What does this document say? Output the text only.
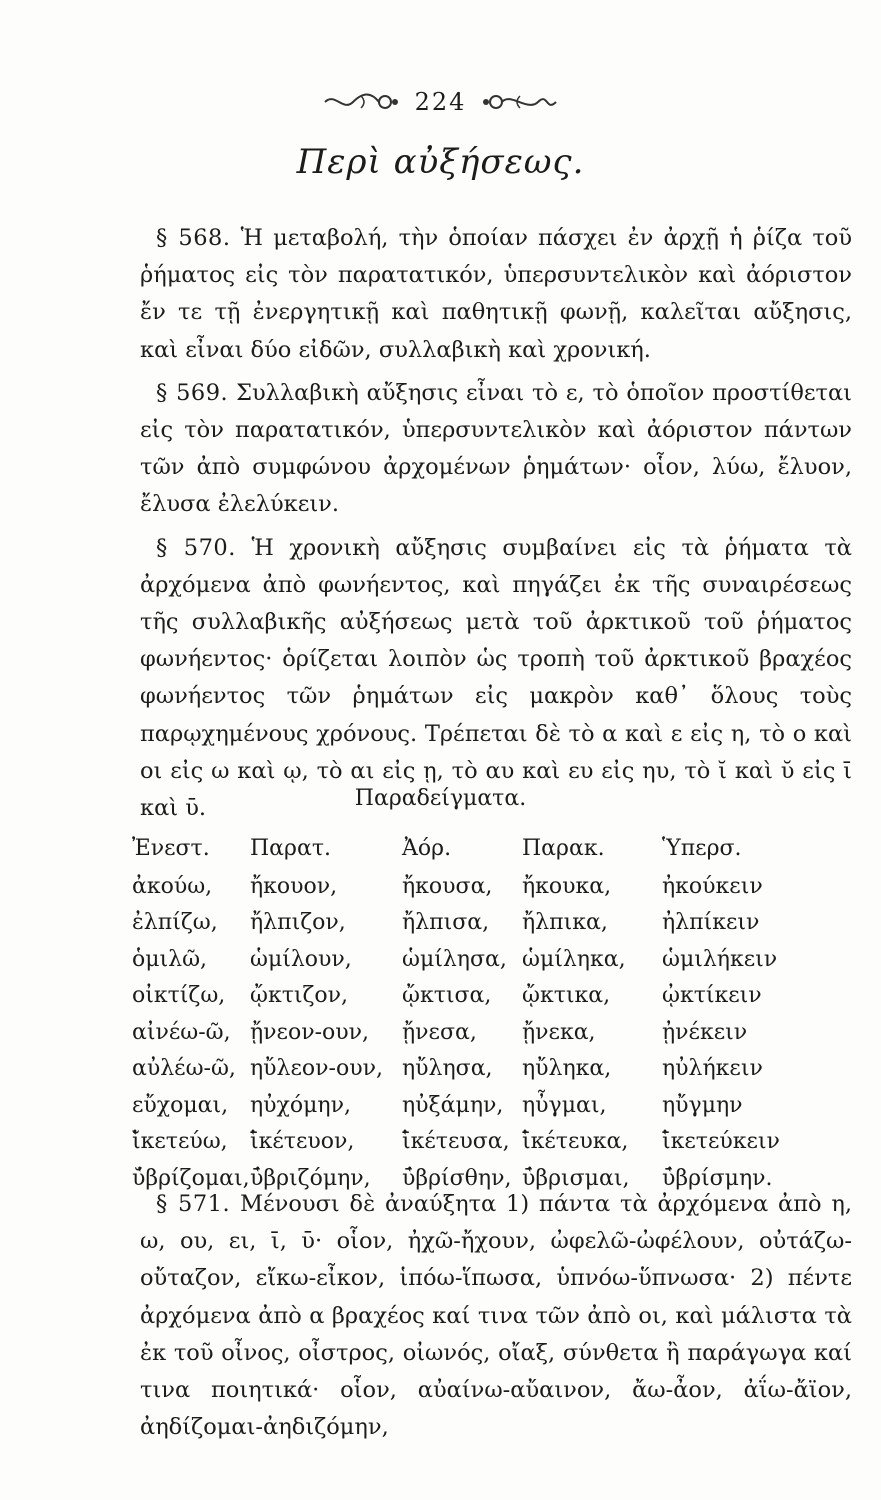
224
Περὶ αὐξήσεως.

§ 568. Ἡ μεταβολή, τὴν ὁποίαν πάσχει ἐν ἀρχῇ ἡ ῥίζα τοῦ ῥήματος εἰς τὸν παρατατικόν, ὑπερσυντελικὸν καὶ ἀόριστον ἔν τε τῇ ἐνεργητικῇ καὶ παθητικῇ φωνῇ, καλεῖται αὔξησις, καὶ εἶναι δύο εἰδῶν, συλλαβικὴ καὶ χρονική.

§ 569. Συλλαβικὴ αὔξησις εἶναι τὸ ε, τὸ ὁποῖον προστίθεται εἰς τὸν παρατατικόν, ὑπερσυντελικὸν καὶ ἀόριστον πάντων τῶν ἀπὸ συμφώνου ἀρχομένων ῥημάτων· οἷον, λύω, ἔλυον, ἔλυσα ἐλελύκειν.

§ 570. Ἡ χρονικὴ αὔξησις συμβαίνει εἰς τὰ ῥήματα τὰ ἀρχόμενα ἀπὸ φωνήεντος, καὶ πηγάζει ἐκ τῆς συναιρέσεως τῆς συλλαβικῆς αὐξήσεως μετὰ τοῦ ἀρκτικοῦ τοῦ ῥήματος φωνήεντος· ὁρίζεται λοιπὸν ὡς τροπὴ τοῦ ἀρκτικοῦ βραχέος φωνήεντος τῶν ῥημάτων εἰς μακρὸν καθ᾽ ὅλους τοὺς παρῳχημένους χρόνους. Τρέπεται δὲ τὸ α καὶ ε εἰς η, τὸ ο καὶ οι εἰς ω καὶ ῳ, τὸ αι εἰς ῃ, τὸ αυ καὶ ευ εἰς ηυ, τὸ ῐ καὶ ῠ εἰς ῑ καὶ ῡ.	Παραδείγματα.
Ἐνεστ.	Παρατ.	Ἀόρ.	Παρακ.	Ὑπερσ.
ἀκούω,	ἤκουον,	ἤκουσα,	ἤκουκα,	ἠκούκειν
ἐλπίζω,	ἤλπιζον,	ἤλπισα,	ἤλπικα,	ἠλπίκειν
ὁμιλῶ,	ὡμίλουν,	ὡμίλησα,	ὡμίληκα,	ὡμιλήκειν
οἰκτίζω,	ᾤκτιζον,	ᾤκτισα,	ᾤκτικα,	ᾠκτίκειν
αἰνέω-ῶ,	ᾔνεον-ουν,	ᾔνεσα,	ᾔνεκα,	ᾐνέκειν
αὐλέω-ῶ,	ηὔλεον-ουν,	ηὔλησα,	ηὔληκα,	ηὐλήκειν
εὔχομαι,	ηὐχόμην,	ηὐξάμην,	ηὖγμαι,	ηὔγμην
ῐ̔κετεύω,	ῑ̔κέτευον,	ῑ̔κέτευσα,	ῑ̔κέτευκα,	ῑ̔κετεύκειν
ῠ̔βρίζομαι,	ῡ̔βριζόμην,	ῡ̔βρίσθην,	ῡ̔βρισμαι,	ῡ̔βρίσμην.

§ 571. Μένουσι δὲ ἀναύξητα 1) πάντα τὰ ἀρχόμενα ἀπὸ η, ω, ου, ει, ῑ, ῡ· οἷον, ἠχῶ-ἤχουν, ὠφελῶ-ὠφέλουν, οὐτάζω-οὔταζον, εἴκω-εἶκον, ἱπόω-ἵπωσα, ὑπνόω-ὕπνωσα· 2) πέντε ἀρχόμενα ἀπὸ α βραχέος καί τινα τῶν ἀπὸ οι, καὶ μάλιστα τὰ ἐκ τοῦ οἶνος, οἶστρος, οἰωνός, οἴαξ, σύνθετα ἢ παράγωγα καί τινα ποιητικά· οἷον, αὐαίνω-αὔαινον, ἄω-ἆον, ἀΐω-ἄϊον, ἀηδίζομαι-ἀηδιζόμην,
